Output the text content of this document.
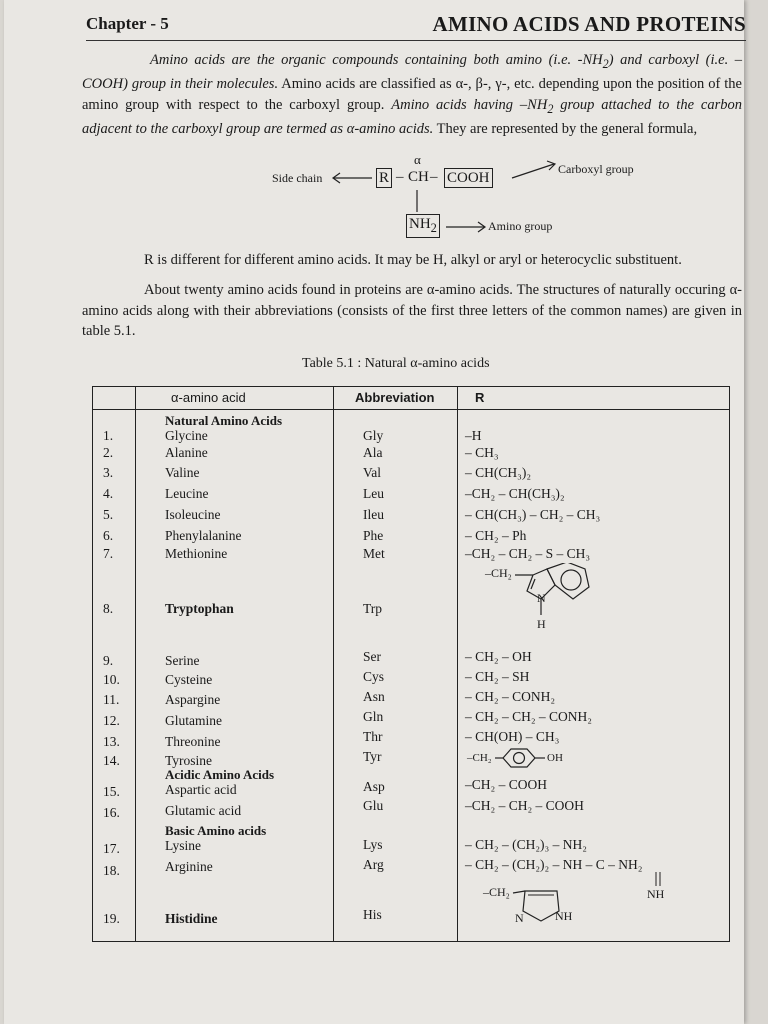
Chapter - 5	AMINO ACIDS AND PROTEINS
Amino acids are the organic compounds containing both amino (i.e. $-NH_2$) and carboxyl (i.e. –COOH) group in their molecules. Amino acids are classified as α-, β-, γ-, etc. depending upon the position of the amino group with respect to the carboxyl group. Amino acids having $-NH_2$ group attached to the carbon adjacent to the carboxyl group are termed as α-amino acids. They are represented by the general formula,
Side chain	R –
α
CH – COOH
Carboxyl group
$NH_2$	Amino group
R is different for different amino acids. It may be H, alkyl or aryl or heterocyclic substituent.
About twenty amino acids found in proteins are α-amino acids. The structures of naturally occuring α-amino acids along with their abbreviations (consists of the first three letters of the common names) are given in table 5.1.
Table 5.1 : Natural α-amino acids
α-amino acid	Abbreviation	R
Natural Amino Acids
1.	Glycine	Gly	–H
2.	Alanine	Ala	– CH₃
3.	Valine	Val	– CH(CH₃)₂
4.	Leucine	Leu	–CH₂ – CH(CH₃)₂
5.	Isoleucine	Ileu	– CH(CH₃) – CH₂ – CH₃
6.	Phenylalanine	Phe	– CH₂ – Ph
7.	Methionine	Met	–CH₂ – CH₂ – S – CH₃
–CH₂
N
H
8.	Tryptophan	Trp
9.	Serine	Ser	– CH₂ – OH
10.	Cysteine	Cys	– CH₂ – SH
11.	Aspargine	Asn	– CH₂ – CONH₂
12.	Glutamine	Gln	– CH₂ – CH₂ – CONH₂
13.	Threonine	Thr	– CH(OH) – CH₃
14.	Tyrosine	Tyr	–CH₂	OH
Acidic Amino Acids
15.	Aspartic acid	Asp	–CH₂ – COOH
16.	Glutamic acid	Glu	–CH₂ – CH₂ – COOH
Basic Amino acids
17.	Lysine	Lys	– CH₂ – (CH₂)₃ – NH₂
18.	Arginine	Arg	– CH₂ – (CH₂)₂ – NH – C – NH₂
NH
–CH₂
N	NH
19.	Histidine	His
